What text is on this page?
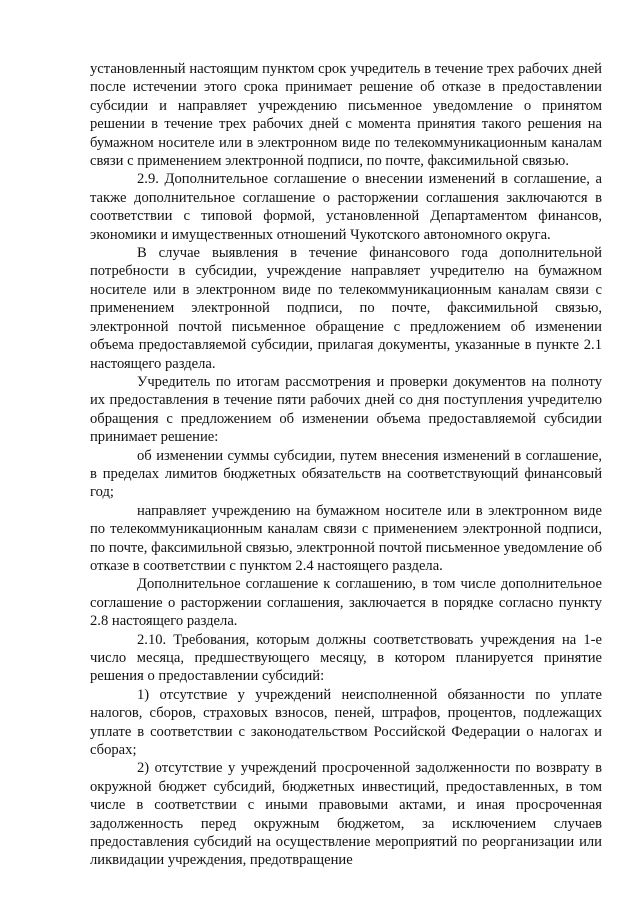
установленный настоящим пунктом срок учредитель в течение трех рабочих дней после истечении этого срока принимает решение об отказе в предоставлении субсидии и направляет учреждению письменное уведомление о принятом решении в течение трех рабочих дней с момента принятия такого решения на бумажном носителе или в электронном виде по телекоммуникационным каналам связи с применением электронной подписи, по почте, факсимильной связью.

2.9. Дополнительное соглашение о внесении изменений в соглашение, а также дополнительное соглашение о расторжении соглашения заключаются в соответствии с типовой формой, установленной Департаментом финансов, экономики и имущественных отношений Чукотского автономного округа.

В случае выявления в течение финансового года дополнительной потребности в субсидии, учреждение направляет учредителю на бумажном носителе или в электронном виде по телекоммуникационным каналам связи с применением электронной подписи, по почте, факсимильной связью, электронной почтой письменное обращение с предложением об изменении объема предоставляемой субсидии, прилагая документы, указанные в пункте 2.1 настоящего раздела.

Учредитель по итогам рассмотрения и проверки документов на полноту их предоставления в течение пяти рабочих дней со дня поступления учредителю обращения с предложением об изменении объема предоставляемой субсидии принимает решение:

об изменении суммы субсидии, путем внесения изменений в соглашение, в пределах лимитов бюджетных обязательств на соответствующий финансовый год;

направляет учреждению на бумажном носителе или в электронном виде по телекоммуникационным каналам связи с применением электронной подписи, по почте, факсимильной связью, электронной почтой письменное уведомление об отказе в соответствии с пунктом 2.4 настоящего раздела.

Дополнительное соглашение к соглашению, в том числе дополнительное соглашение о расторжении соглашения, заключается в порядке согласно пункту 2.8 настоящего раздела.

2.10. Требования, которым должны соответствовать учреждения на 1-е число месяца, предшествующего месяцу, в котором планируется принятие решения о предоставлении субсидий:

1) отсутствие у учреждений неисполненной обязанности по уплате налогов, сборов, страховых взносов, пеней, штрафов, процентов, подлежащих уплате в соответствии с законодательством Российской Федерации о налогах и сборах;

2) отсутствие у учреждений просроченной задолженности по возврату в окружной бюджет субсидий, бюджетных инвестиций, предоставленных, в том числе в соответствии с иными правовыми актами, и иная просроченная задолженность перед окружным бюджетом, за исключением случаев предоставления субсидий на осуществление мероприятий по реорганизации или ликвидации учреждения, предотвращение
